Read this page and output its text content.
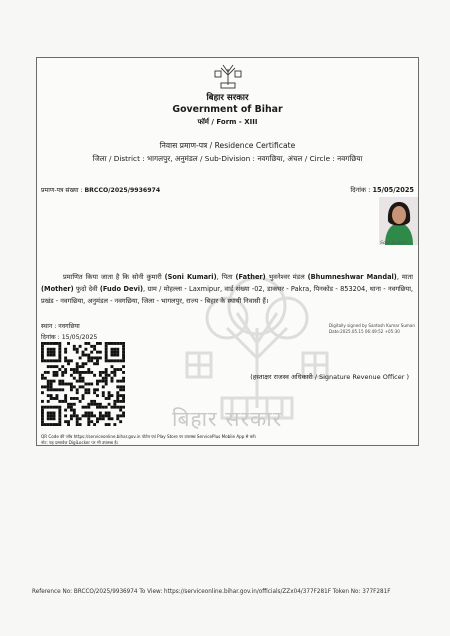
बिहार सरकार
बिहार सरकार
Government of Bihar
फॉर्म / Form - XIII
निवास प्रमाण-पत्र / Residence Certificate
जिला / District : भागलपुर, अनुमंडल / Sub-Division : नवगछिया, अंचल / Circle : नवगछिया
प्रमाण-पत्र संख्या : BRCCO/2025/9936974	दिनांक : 15/05/2025
Soni kumari
प्रमाणित किया जाता है कि सोनी कुमारी (Soni Kumari), पिता (Father) भुवनेश्वर मंडल (Bhumneshwar Mandal), माता (Mother) फुदो देवी (Fudo Devi), ग्राम / मोहल्ला - Laxmipur, वार्ड संख्या -02, डाकघर - Pakra, पिनकोड - 853204, थाना - नवगछिया, प्रखंड - नवगछिया, अनुमंडल - नवगछिया, जिला - भागलपुर, राज्य - बिहार के स्थायी निवासी हैं।
स्थान : नवगछिया
दिनांक : 15/05/2025
Digitally signed by Santosh Kumar Suman
Date:2025.05.15 06:49:52 +05:30
(हस्ताक्षर राजस्व अधिकारी / Signature Revenue Officer )
QR Code की जाँच https://serviceonline.bihar.gov.in पोर्टल एवं Play Store पर उपलब्ध ServicePlus Mobile App से करें।
नोट: यह दस्तावेज़ DigiLocker पर भी उपलब्ध है।
Reference No: BRCCO/2025/9936974 To View: https://serviceonline.bihar.gov.in/officials/ZZx04/377F281F Token No: 377F281F
